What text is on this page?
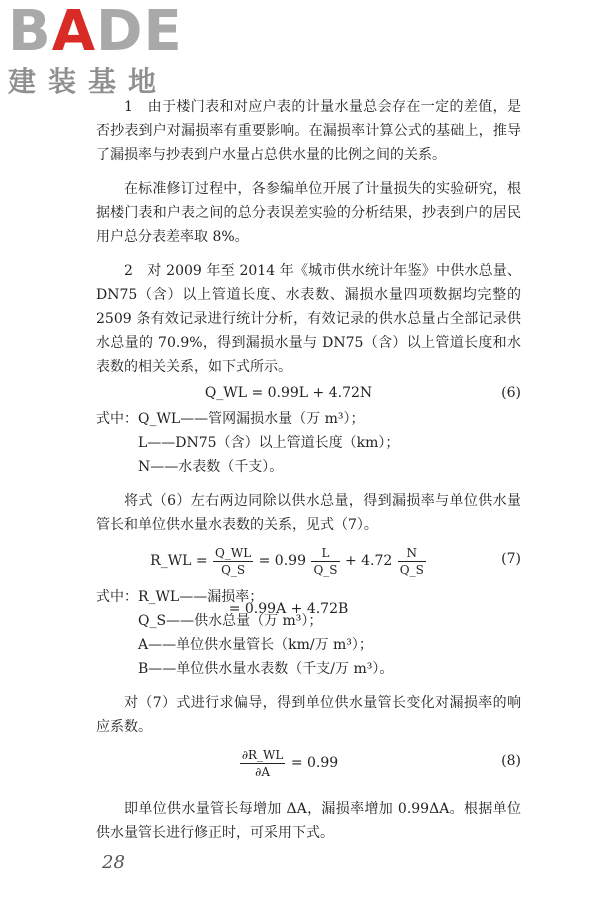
BADE
建装基地

1　由于楼门表和对应户表的计量水量总会存在一定的差值，是否抄表到户对漏损率有重要影响。在漏损率计算公式的基础上，推导了漏损率与抄表到户水量占总供水量的比例之间的关系。

在标准修订过程中，各参编单位开展了计量损失的实验研究，根据楼门表和户表之间的总分表误差实验的分析结果，抄表到户的居民用户总分表差率取 8%。

2　对 2009 年至 2014 年《城市供水统计年鉴》中供水总量、DN75（含）以上管道长度、水表数、漏损水量四项数据均完整的 2509 条有效记录进行统计分析，有效记录的供水总量占全部记录供水总量的 70.9%，得到漏损水量与 DN75（含）以上管道长度和水表数的相关关系，如下式所示。

Q_WL = 0.99L + 4.72N	(6)
式中：Q_WL——管网漏损水量（万 m³）；
L——DN75（含）以上管道长度（km）；
N——水表数（千支）。

将式（6）左右两边同除以供水总量，得到漏损率与单位供水量管长和单位供水量水表数的关系，见式（7）。

R_WL = $\frac{Q\_WL}{Q\_S} = 0.99 \frac{L}{Q\_S} + 4.72 \frac{N}{Q\_S}$
= 0.99A + 4.72B
(7)
式中：R_WL——漏损率；
Q_S——供水总量（万 m³）；
A——单位供水量管长（km/万 m³）；
B——单位供水量水表数（千支/万 m³）。

对（7）式进行求偏导，得到单位供水量管长变化对漏损率的响应系数。

$\frac{\partial R\_WL}{\partial A} = 0.99$	(8)

即单位供水量管长每增加 ΔA，漏损率增加 0.99ΔA。根据单位供水量管长进行修正时，可采用下式。

28
